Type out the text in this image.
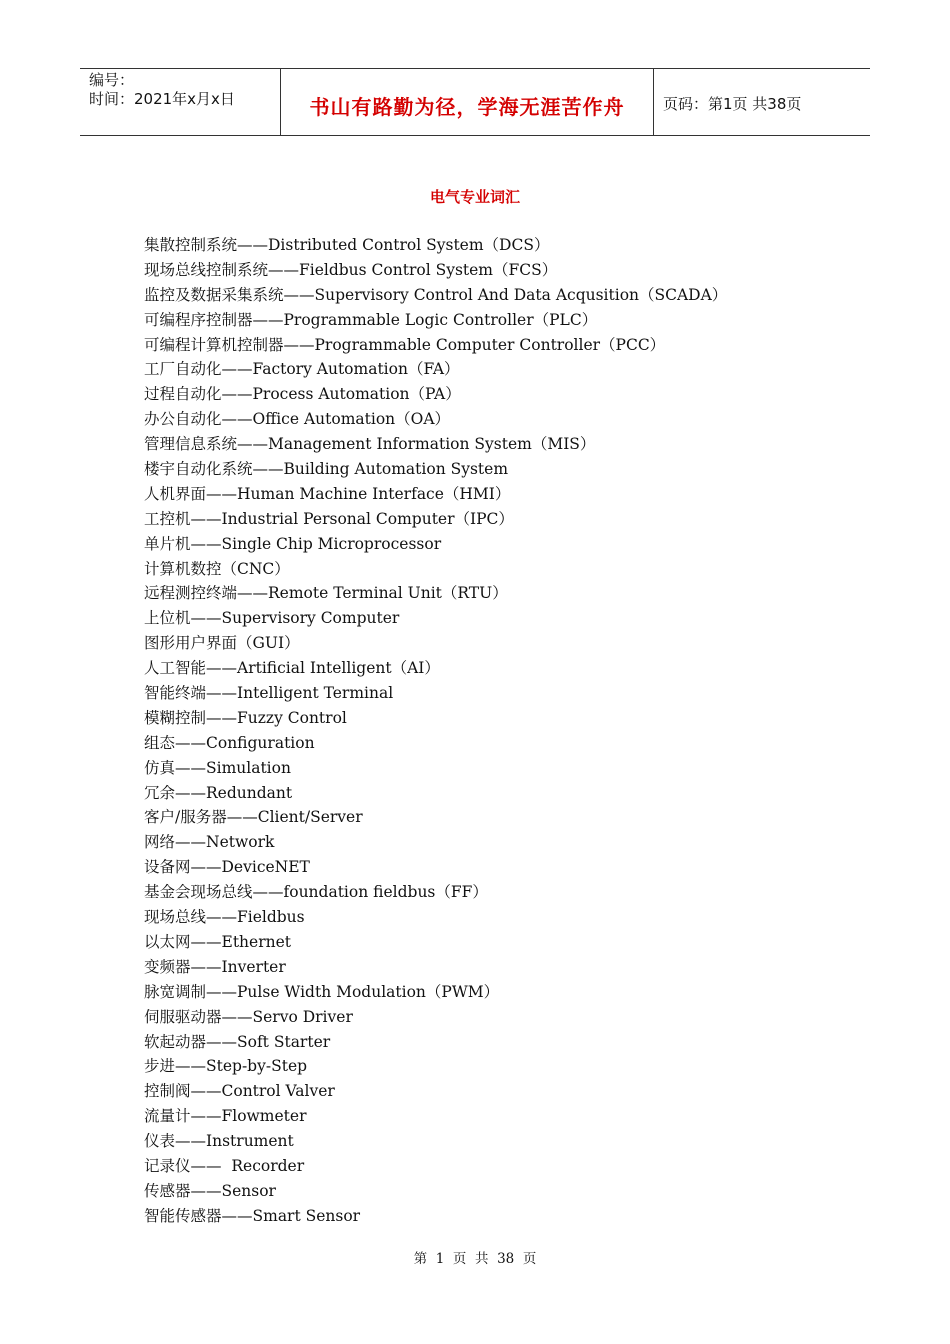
编号：
时间：2021年x月x日	书山有路勤为径，学海无涯苦作舟	页码：第1页 共38页
电气专业词汇
集散控制系统——Distributed Control System（DCS）
现场总线控制系统——Fieldbus Control System（FCS）
监控及数据采集系统——Supervisory Control And Data Acqusition（SCADA）
可编程序控制器——Programmable Logic Controller（PLC）
可编程计算机控制器——Programmable Computer Controller（PCC）
工厂自动化——Factory Automation（FA）
过程自动化——Process Automation（PA）
办公自动化——Office Automation（OA）
管理信息系统——Management Information System（MIS）
楼宇自动化系统——Building Automation System
人机界面——Human Machine Interface（HMI）
工控机——Industrial Personal Computer（IPC）
单片机——Single Chip Microprocessor
计算机数控（CNC）
远程测控终端——Remote Terminal Unit（RTU）
上位机——Supervisory Computer
图形用户界面（GUI）
人工智能——Artificial Intelligent（AI）
智能终端——Intelligent Terminal
模糊控制——Fuzzy Control
组态——Configuration
仿真——Simulation
冗余——Redundant
客户/服务器——Client/Server
网络——Network
设备网——DeviceNET
基金会现场总线——foundation fieldbus（FF）
现场总线——Fieldbus
以太网——Ethernet
变频器——Inverter
脉宽调制——Pulse Width Modulation（PWM）
伺服驱动器——Servo Driver
软起动器——Soft Starter
步进——Step-by-Step
控制阀——Control Valver
流量计——Flowmeter
仪表——Instrument
记录仪——  Recorder
传感器——Sensor
智能传感器——Smart Sensor
第  1  页  共  38  页
